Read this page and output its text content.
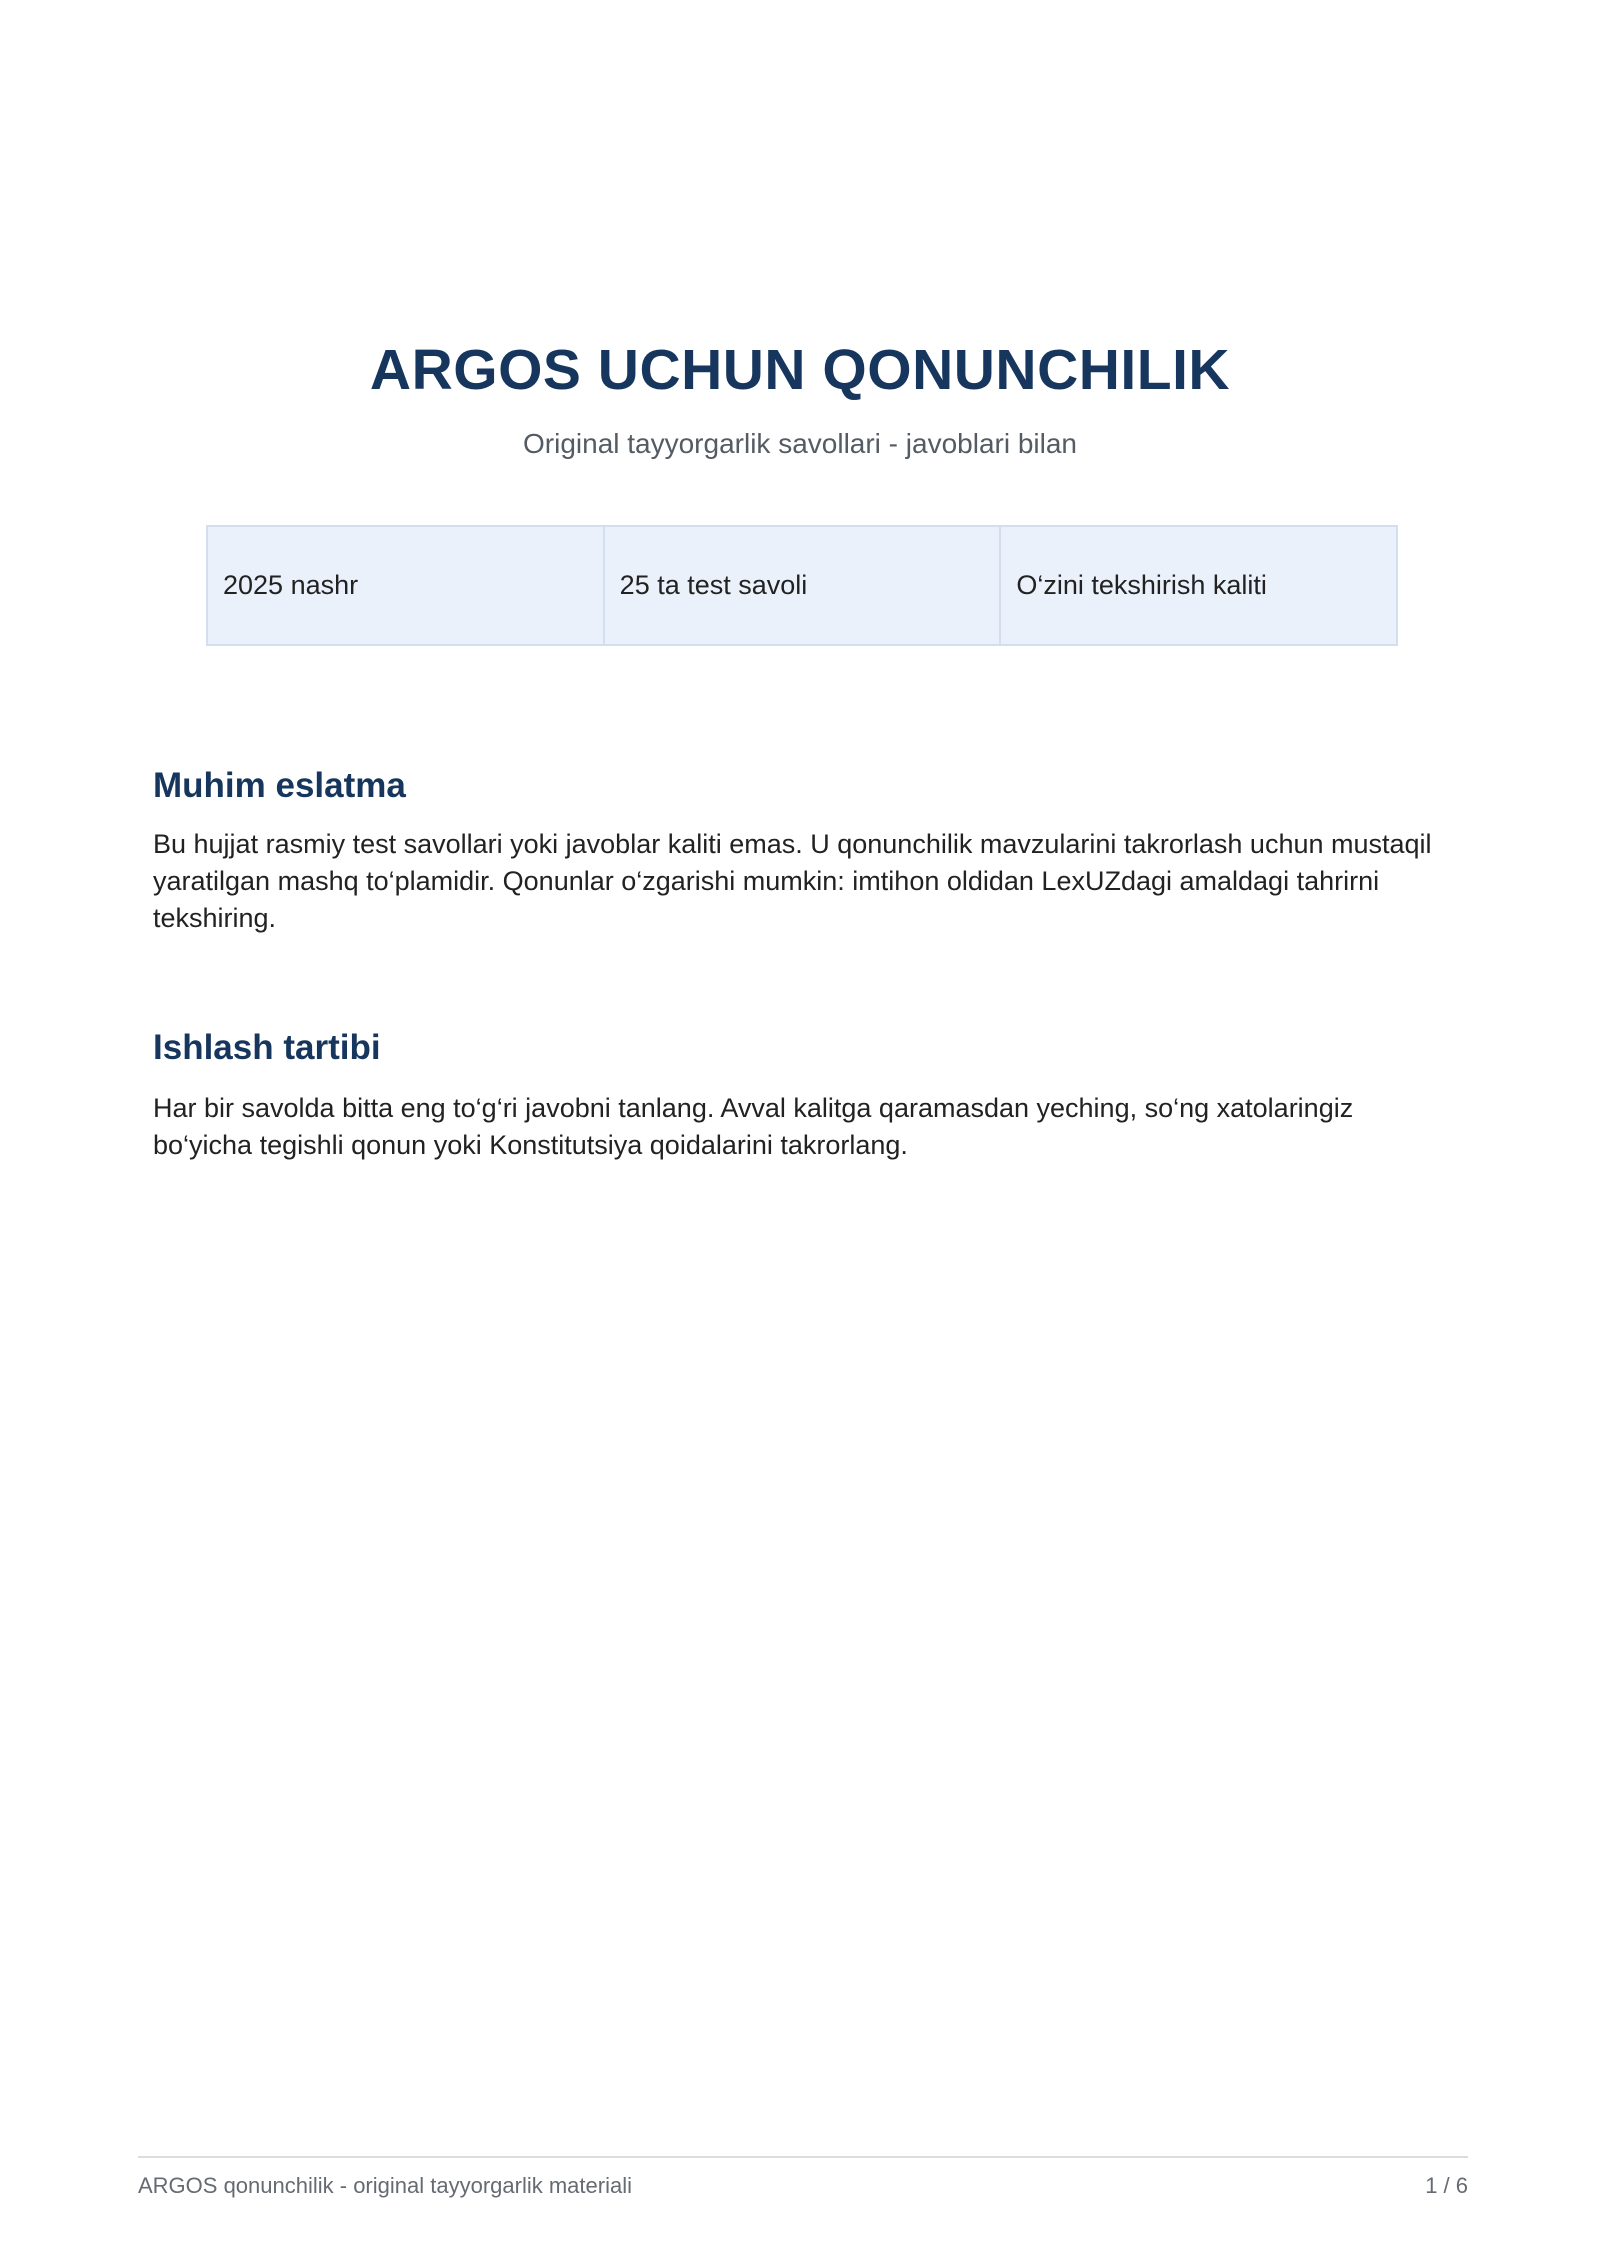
ARGOS UCHUN QONUNCHILIK
Original tayyorgarlik savollari - javoblari bilan
2025 nashr	25 ta test savoli	O‘zini tekshirish kaliti
Muhim eslatma
Bu hujjat rasmiy test savollari yoki javoblar kaliti emas. U qonunchilik mavzularini takrorlash uchun mustaqil yaratilgan mashq to‘plamidir. Qonunlar o‘zgarishi mumkin: imtihon oldidan LexUZdagi amaldagi tahrirni tekshiring.
Ishlash tartibi
Har bir savolda bitta eng to‘g‘ri javobni tanlang. Avval kalitga qaramasdan yeching, so‘ng xatolaringiz bo‘yicha tegishli qonun yoki Konstitutsiya qoidalarini takrorlang.
ARGOS qonunchilik - original tayyorgarlik materiali	1 / 6
